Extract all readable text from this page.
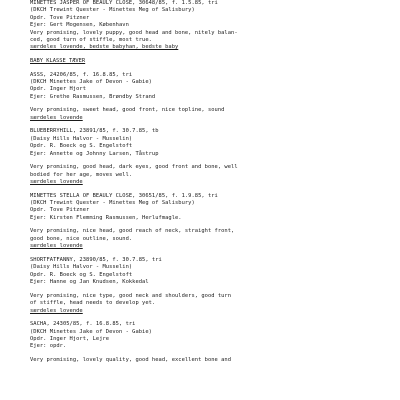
MINETTES JASPER OF BEAULY CLOSE, 30648/85, f. 1.5.85, tri
(DKCH Trewint Quester - Minettes Meg of Salisbury)
Opdr. Tove Pitzner
Ejer: Gert Mogensen, København
Very promising, lovely puppy, good head and bone, nitely balan-
ced, good turn of stiffle, most true.
særdeles lovende, bedste babyhan, bedste baby
BABY KLASSE TÆVER
ASSS, 24206/85, f. 16.8.85, tri
(DKCH Minettes Jake of Devon - Gabie)
Opdr. Inger Hjort
Ejer: Grethe Rasmussen, Brøndby Strand
Very promising, sweet head, good front, nice topline, sound
særdeles lovende
BLUEBERRYHILL, 23891/85, f. 30.7.85, tb
(Daisy Hills Halvor - Musselin)
Opdr. R. Boeck og S. Engelstoft
Ejer: Annette og Johnny Larsen, Tåstrup
Very promising, good head, dark eyes, good front and bone, well
bodied for her age, moves well.
særdeles lovende
MINETTES STELLA OF BEAULY CLOSE, 30651/85, f. 1.9.85, tri
(DKCH Trewint Quester - Minettes Meg of Salisbury)
Opdr. Tove Pitzner
Ejer: Kirsten Flemming Rasmussen, Herlufmagle.
Very promising, nice head, good reach of neck, straight front,
good bone, nice outline, sound.
særdeles lovende
SHORTFATFANNY, 23890/85, f. 30.7.85, tri
(Daisy Hills Halvor - Musselin)
Opdr. R. Boeck og S. Engelstoft
Ejer: Hanne og Jan Knudsen, Kokkedal
Very promising, nice type, good neck and shoulders, good turn
of stiffle, head needs to develop yet.
særdeles lovende
SACHA, 24305/85, f. 16.8.85, tri
(DKCH Minettes Jake of Devon - Gabie)
Opdr. Inger Hjort, Lejre
Ejer: opdr.
Very promising, lovely quality, good head, excellent bone and
